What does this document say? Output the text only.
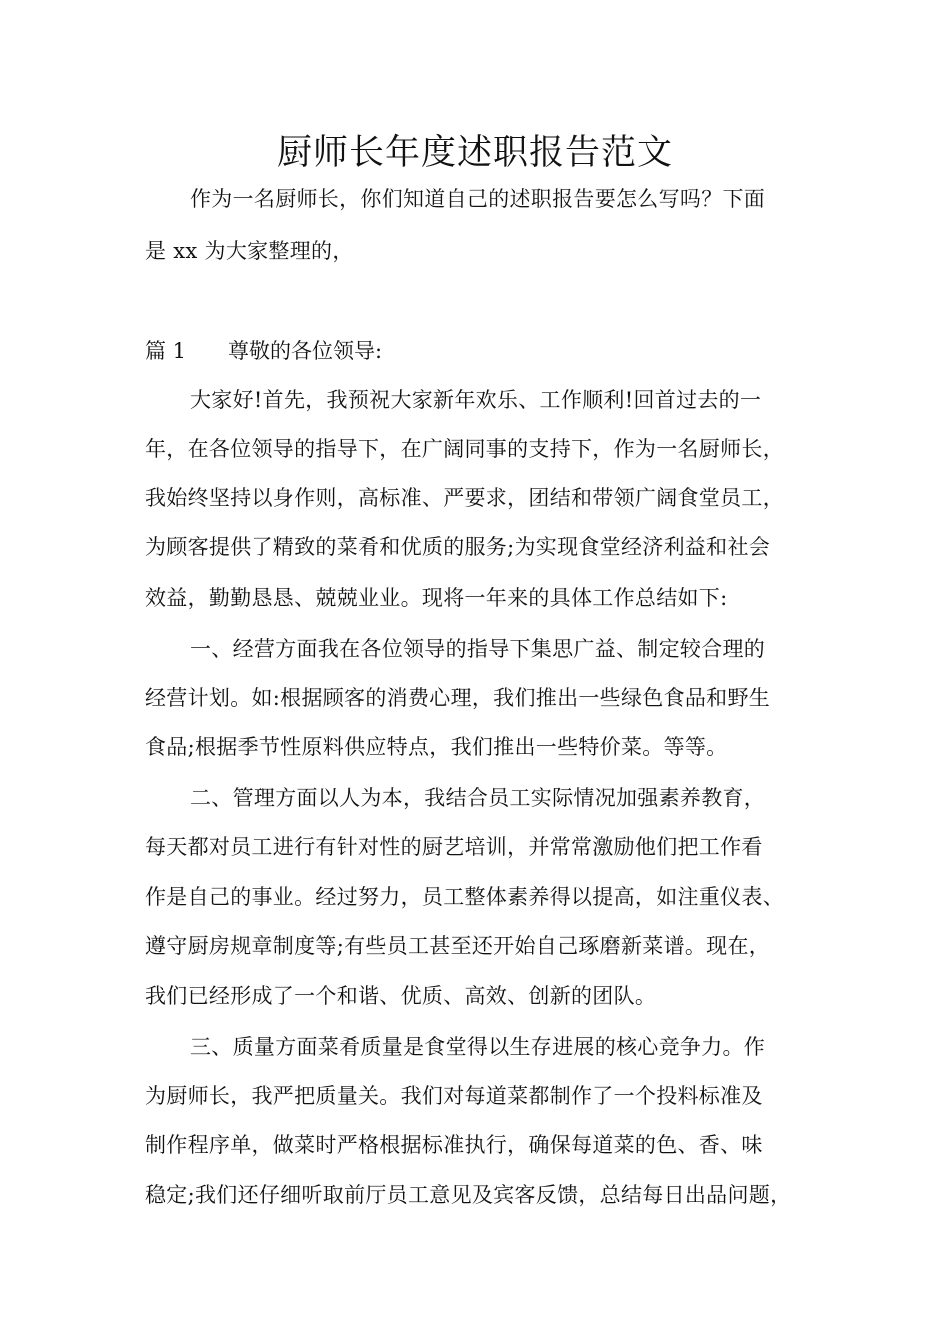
厨师长年度述职报告范文
作为一名厨师长，你们知道自己的述职报告要怎么写吗？下面
是 xx 为大家整理的，
篇 1 尊敬的各位领导:
大家好!首先，我预祝大家新年欢乐、工作顺利!回首过去的一
年，在各位领导的指导下，在广阔同事的支持下，作为一名厨师长，
我始终坚持以身作则，高标准、严要求，团结和带领广阔食堂员工，
为顾客提供了精致的菜肴和优质的服务;为实现食堂经济利益和社会
效益，勤勤恳恳、兢兢业业。现将一年来的具体工作总结如下:
一、经营方面我在各位领导的指导下集思广益、制定较合理的
经营计划。如:根据顾客的消费心理，我们推出一些绿色食品和野生
食品;根据季节性原料供应特点，我们推出一些特价菜。等等。
二、管理方面以人为本，我结合员工实际情况加强素养教育，
每天都对员工进行有针对性的厨艺培训，并常常激励他们把工作看
作是自己的事业。经过努力，员工整体素养得以提高，如注重仪表、
遵守厨房规章制度等;有些员工甚至还开始自己琢磨新菜谱。现在，
我们已经形成了一个和谐、优质、高效、创新的团队。
三、质量方面菜肴质量是食堂得以生存进展的核心竞争力。作
为厨师长，我严把质量关。我们对每道菜都制作了一个投料标准及
制作程序单，做菜时严格根据标准执行，确保每道菜的色、香、味
稳定;我们还仔细听取前厅员工意见及宾客反馈，总结每日出品问题，
